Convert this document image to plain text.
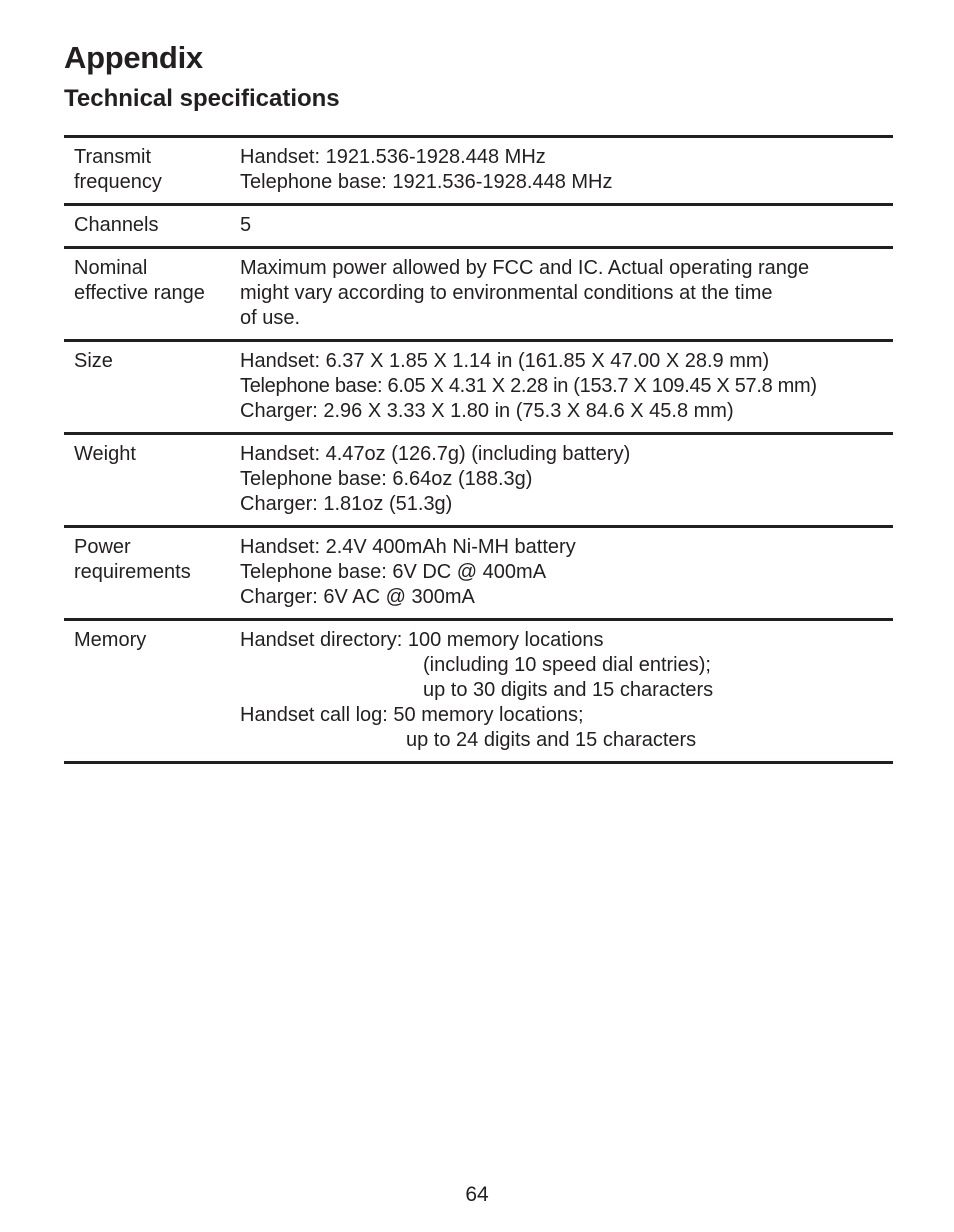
Appendix
Technical specifications
Transmit
frequency	Handset: 1921.536-1928.448 MHz
Telephone base: 1921.536-1928.448 MHz

Channels	5

Nominal
effective range	Maximum power allowed by FCC and IC. Actual operating range
might vary according to environmental conditions at the time
of use.

Size	Handset: 6.37 X 1.85 X 1.14 in (161.85 X 47.00 X 28.9 mm)
Telephone base: 6.05 X 4.31 X 2.28 in (153.7 X 109.45 X 57.8 mm)
Charger: 2.96 X 3.33 X 1.80 in (75.3 X 84.6 X 45.8 mm)

Weight	Handset: 4.47oz (126.7g) (including battery)
Telephone base: 6.64oz (188.3g)
Charger: 1.81oz (51.3g)

Power
requirements	Handset: 2.4V 400mAh Ni-MH battery
Telephone base: 6V DC @ 400mA
Charger: 6V AC @ 300mA

Memory	Handset directory: 100 memory locations
(including 10 speed dial entries);
up to 30 digits and 15 characters
Handset call log: 50 memory locations;
up to 24 digits and 15 characters
64
